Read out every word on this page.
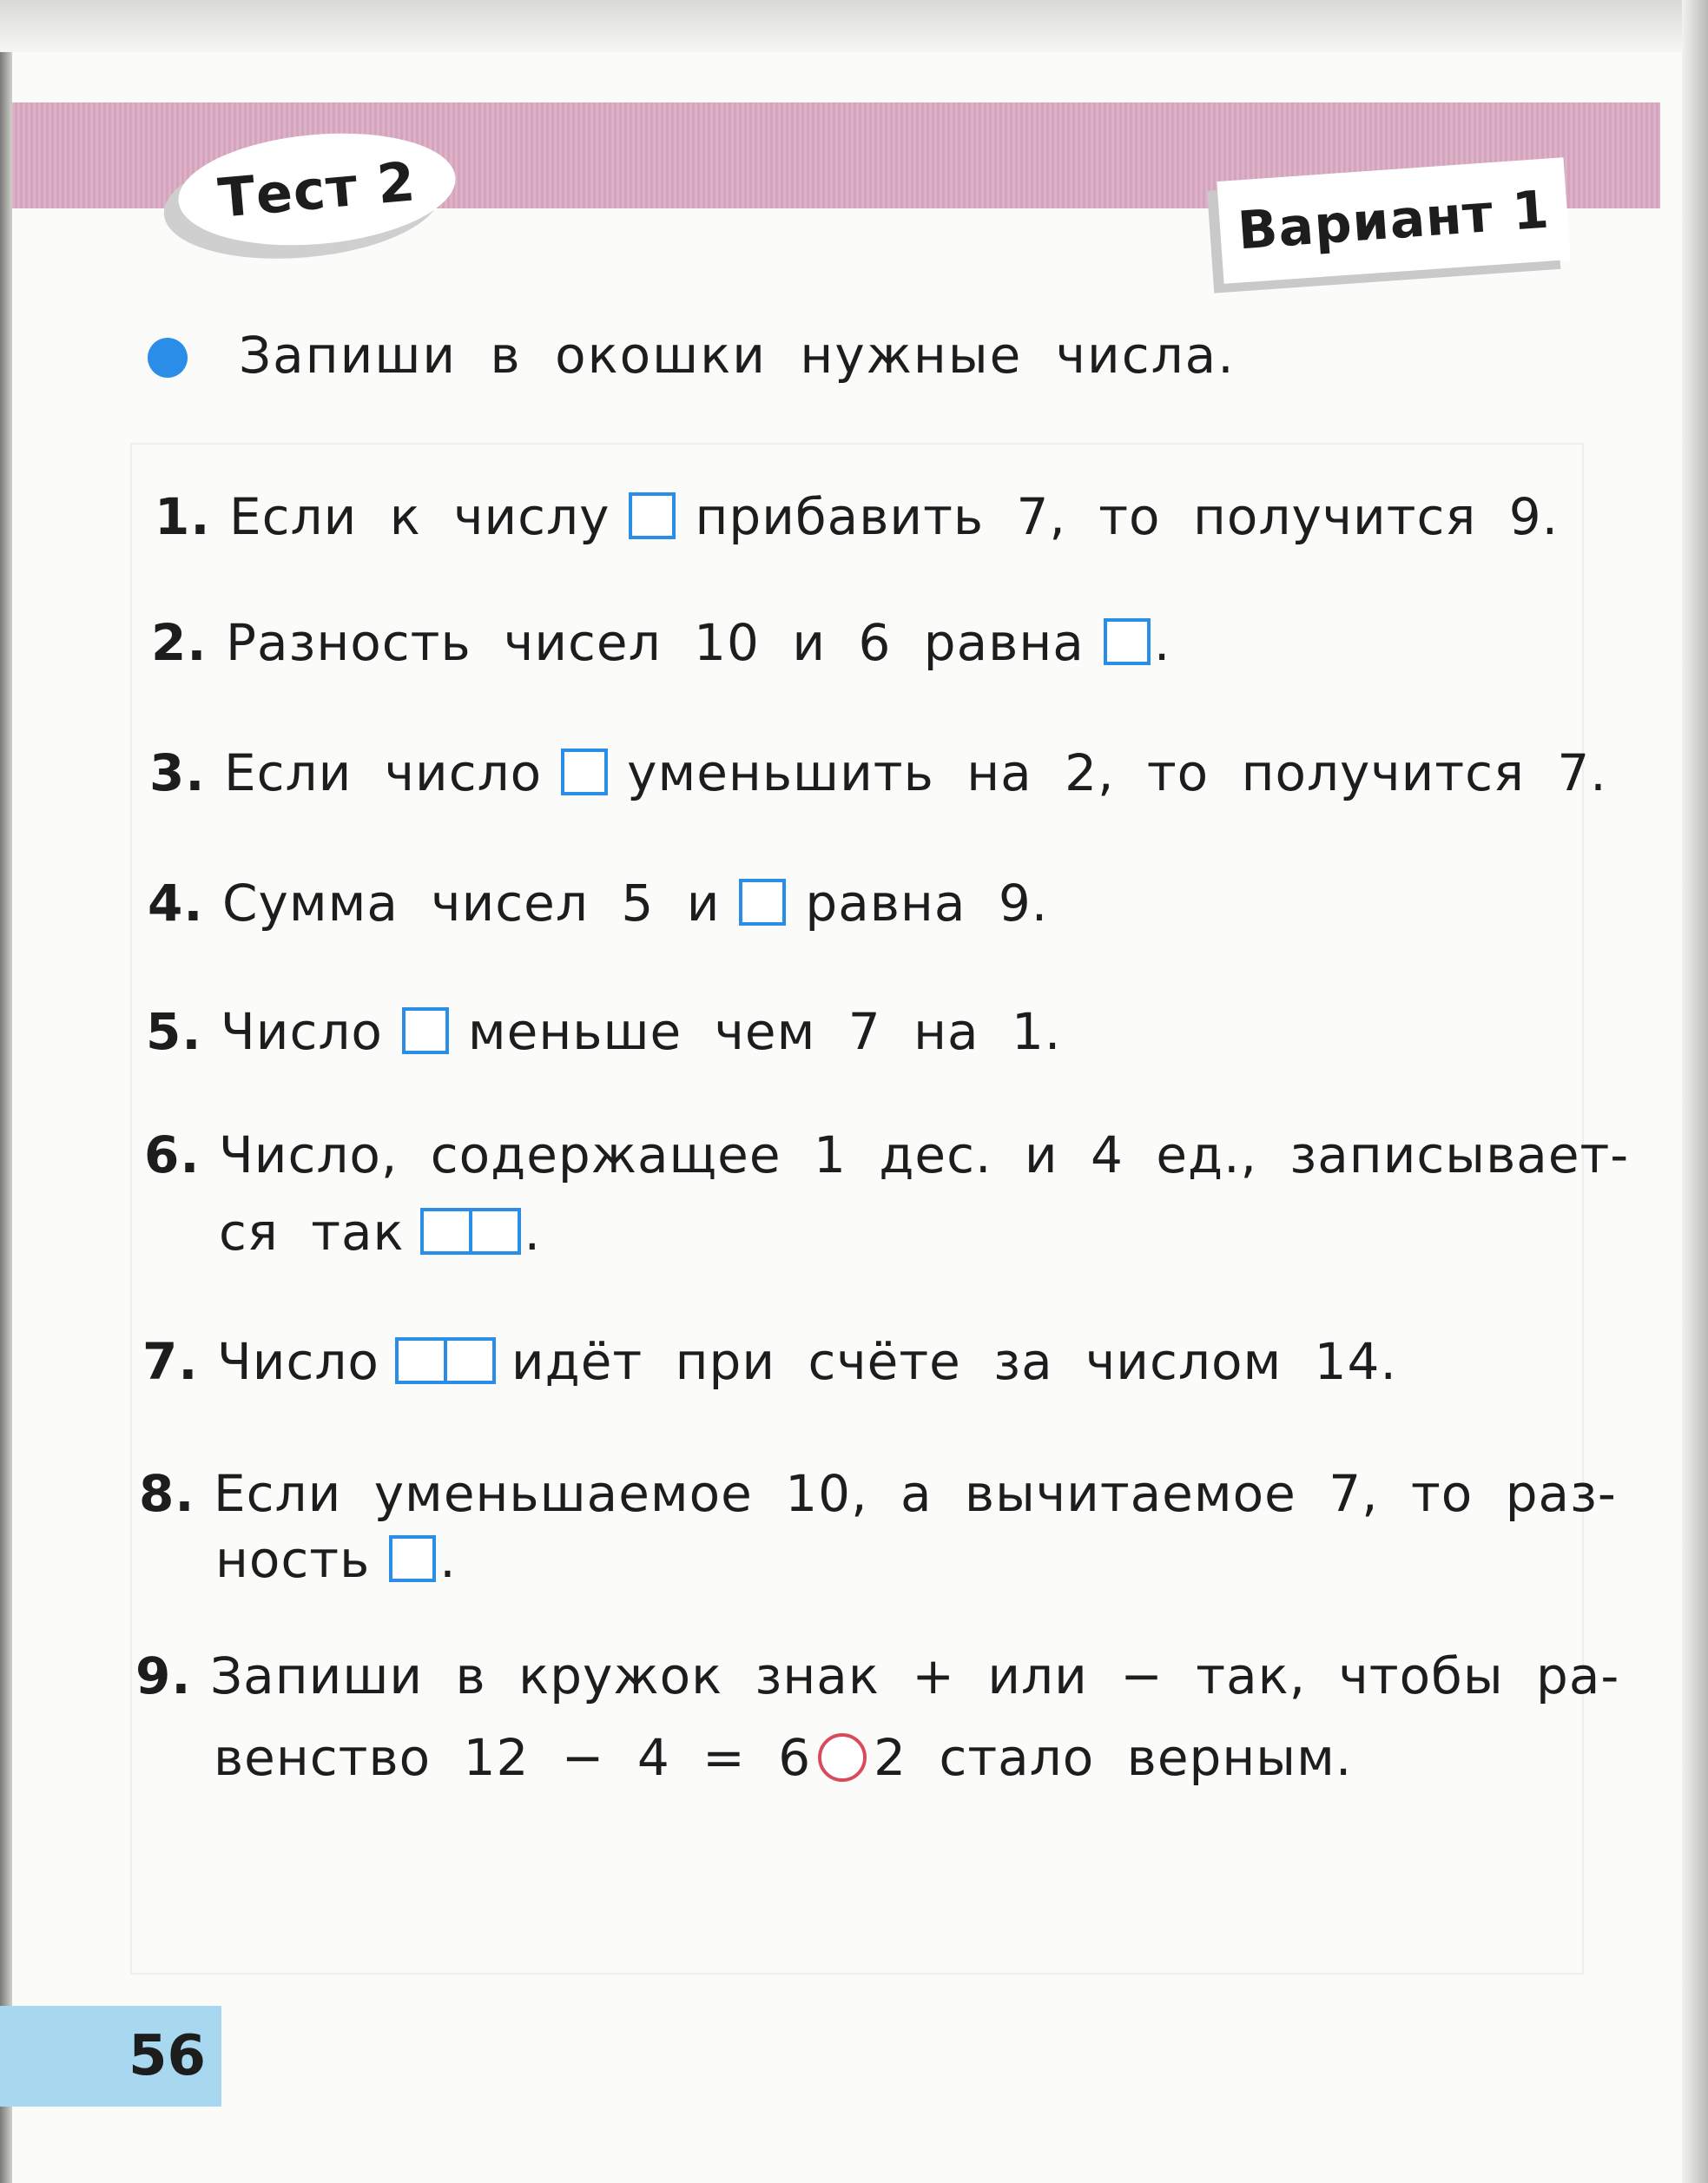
Тест 2	Вариант 1
Запиши в окошки нужные числа.
1. Если к числу прибавить 7, то получится 9.
2. Разность чисел 10 и 6 равна .
3. Если число уменьшить на 2, то получится 7.
4. Сумма чисел 5 и равна 9.
5. Число меньше чем 7 на 1.
6. Число, содержащее 1 дес. и 4 ед., записывает-
ся так .
7. Число	идёт при счёте за числом 14.
8. Если уменьшаемое 10, а вычитаемое 7, то раз-
ность .
9. Запиши в кружок знак + или − так, чтобы ра-
венство 12 − 4 = 6 2 стало верным.
56
